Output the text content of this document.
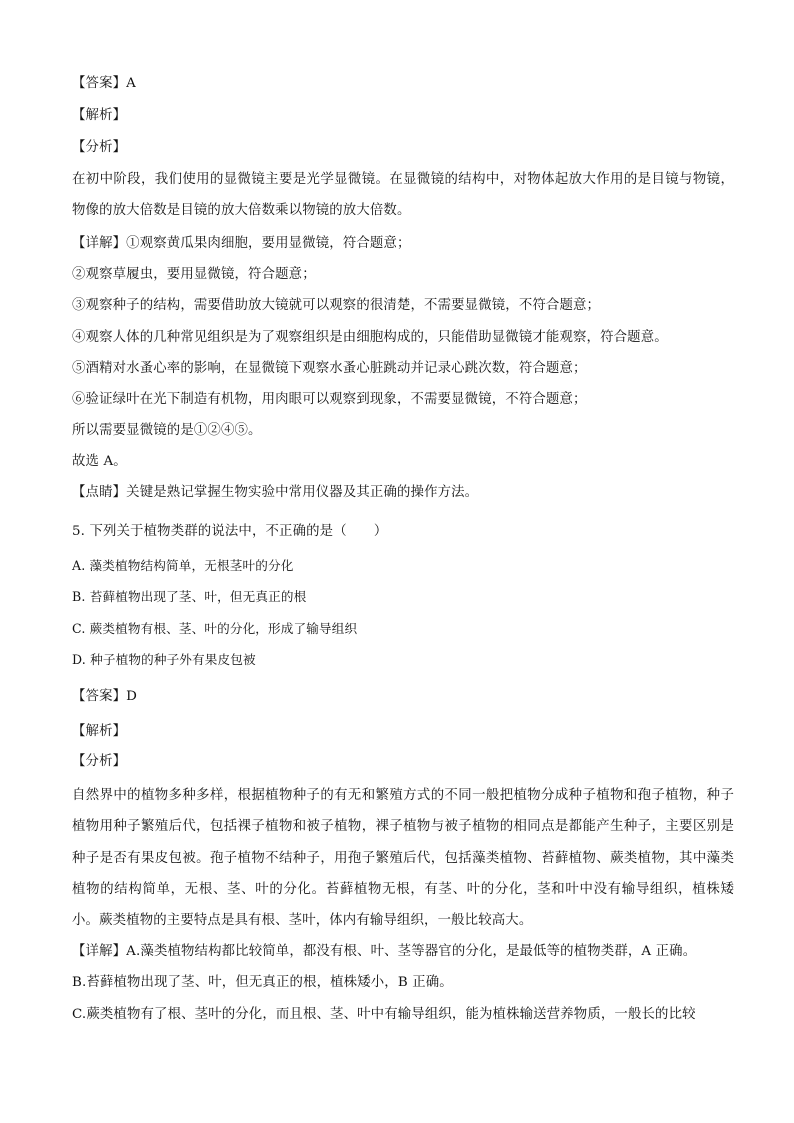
【答案】A
【解析】
【分析】
在初中阶段，我们使用的显微镜主要是光学显微镜。在显微镜的结构中，对物体起放大作用的是目镜与物镜，物像的放大倍数是目镜的放大倍数乘以物镜的放大倍数。
【详解】①观察黄瓜果肉细胞，要用显微镜，符合题意；
②观察草履虫，要用显微镜，符合题意；
③观察种子的结构，需要借助放大镜就可以观察的很清楚，不需要显微镜，不符合题意；
④观察人体的几种常见组织是为了观察组织是由细胞构成的，只能借助显微镜才能观察，符合题意。
⑤酒精对水蚤心率的影响，在显微镜下观察水蚤心脏跳动并记录心跳次数，符合题意；
⑥验证绿叶在光下制造有机物，用肉眼可以观察到现象，不需要显微镜，不符合题意；
所以需要显微镜的是①②④⑤。
故选 A。
【点睛】关键是熟记掌握生物实验中常用仪器及其正确的操作方法。
5. 下列关于植物类群的说法中，不正确的是（　　）
A. 藻类植物结构简单，无根茎叶的分化
B. 苔藓植物出现了茎、叶，但无真正的根
C. 蕨类植物有根、茎、叶的分化，形成了输导组织
D. 种子植物的种子外有果皮包被
【答案】D
【解析】
【分析】
自然界中的植物多种多样，根据植物种子的有无和繁殖方式的不同一般把植物分成种子植物和孢子植物，种子植物用种子繁殖后代，包括裸子植物和被子植物，裸子植物与被子植物的相同点是都能产生种子，主要区别是种子是否有果皮包被。孢子植物不结种子，用孢子繁殖后代，包括藻类植物、苔藓植物、蕨类植物，其中藻类植物的结构简单，无根、茎、叶的分化。苔藓植物无根，有茎、叶的分化，茎和叶中没有输导组织，植株矮小。蕨类植物的主要特点是具有根、茎叶，体内有输导组织，一般比较高大。
【详解】A.藻类植物结构都比较简单，都没有根、叶、茎等器官的分化，是最低等的植物类群，A 正确。
B.苔藓植物出现了茎、叶，但无真正的根，植株矮小，B 正确。
C.蕨类植物有了根、茎叶的分化，而且根、茎、叶中有输导组织，能为植株输送营养物质，一般长的比较
